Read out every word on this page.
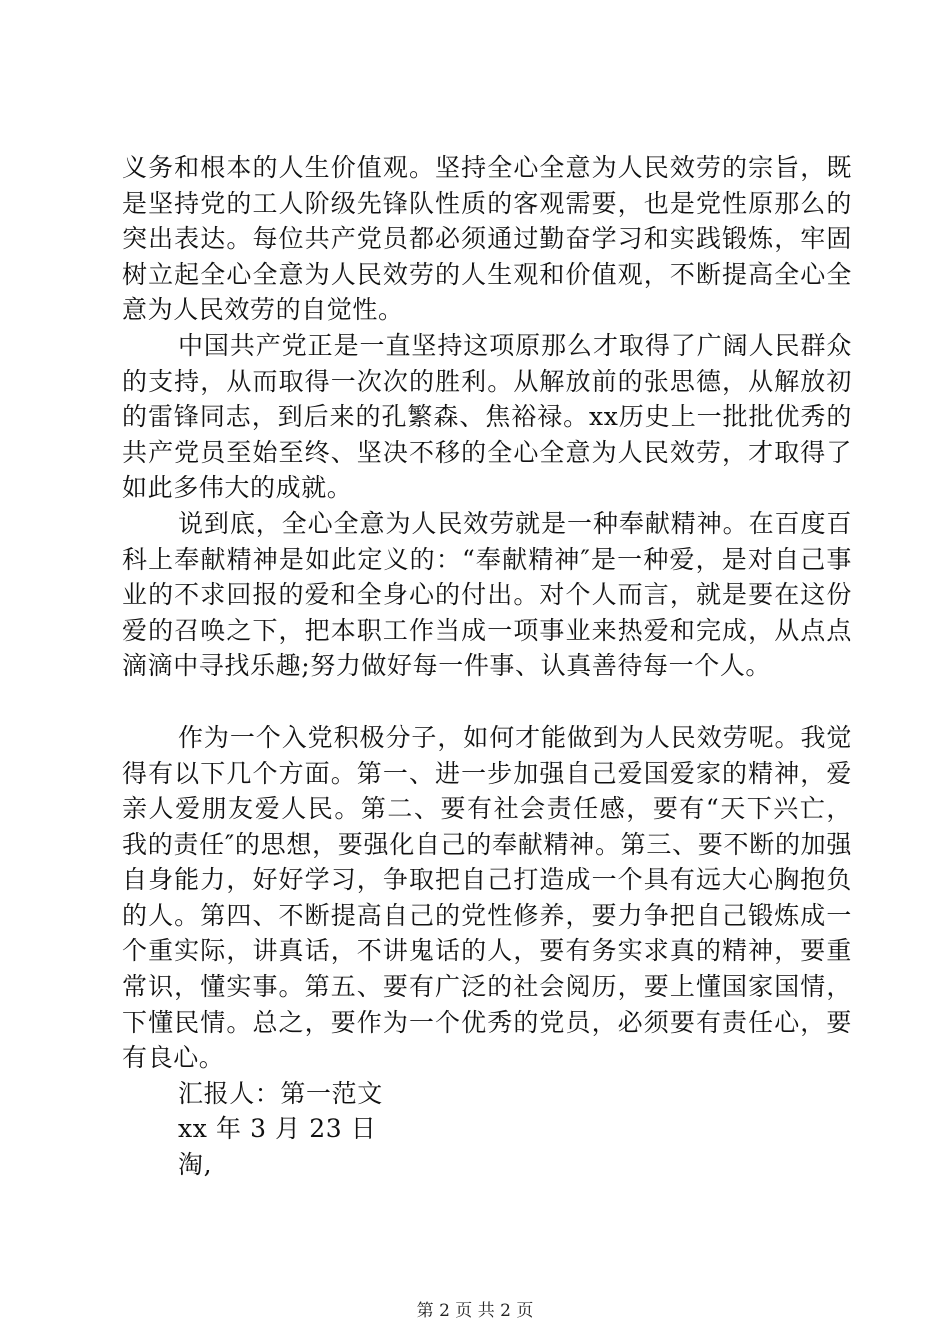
义务和根本的人生价值观。坚持全心全意为人民效劳的宗旨，既是坚持党的工人阶级先锋队性质的客观需要，也是党性原那么的突出表达。每位共产党员都必须通过勤奋学习和实践锻炼，牢固树立起全心全意为人民效劳的人生观和价值观，不断提高全心全意为人民效劳的自觉性。

中国共产党正是一直坚持这项原那么才取得了广阔人民群众的支持，从而取得一次次的胜利。从解放前的张思德，从解放初的雷锋同志，到后来的孔繁森、焦裕禄。xx历史上一批批优秀的共产党员至始至终、坚决不移的全心全意为人民效劳，才取得了如此多伟大的成就。

说到底，全心全意为人民效劳就是一种奉献精神。在百度百科上奉献精神是如此定义的：“奉献精神″是一种爱，是对自己事业的不求回报的爱和全身心的付出。对个人而言，就是要在这份爱的召唤之下，把本职工作当成一项事业来热爱和完成，从点点滴滴中寻找乐趣;努力做好每一件事、认真善待每一个人。

作为一个入党积极分子，如何才能做到为人民效劳呢。我觉得有以下几个方面。第一、进一步加强自己爱国爱家的精神，爱亲人爱朋友爱人民。第二、要有社会责任感，要有“天下兴亡，我的责任″的思想，要强化自己的奉献精神。第三、要不断的加强自身能力，好好学习，争取把自己打造成一个具有远大心胸抱负的人。第四、不断提高自己的党性修养，要力争把自己锻炼成一个重实际，讲真话，不讲鬼话的人，要有务实求真的精神，要重常识，懂实事。第五、要有广泛的社会阅历，要上懂国家国情，下懂民情。总之，要作为一个优秀的党员，必须要有责任心，要有良心。

汇报人：第一范文

xx 年 3 月 23 日

淘,

第 2 页 共 2 页
